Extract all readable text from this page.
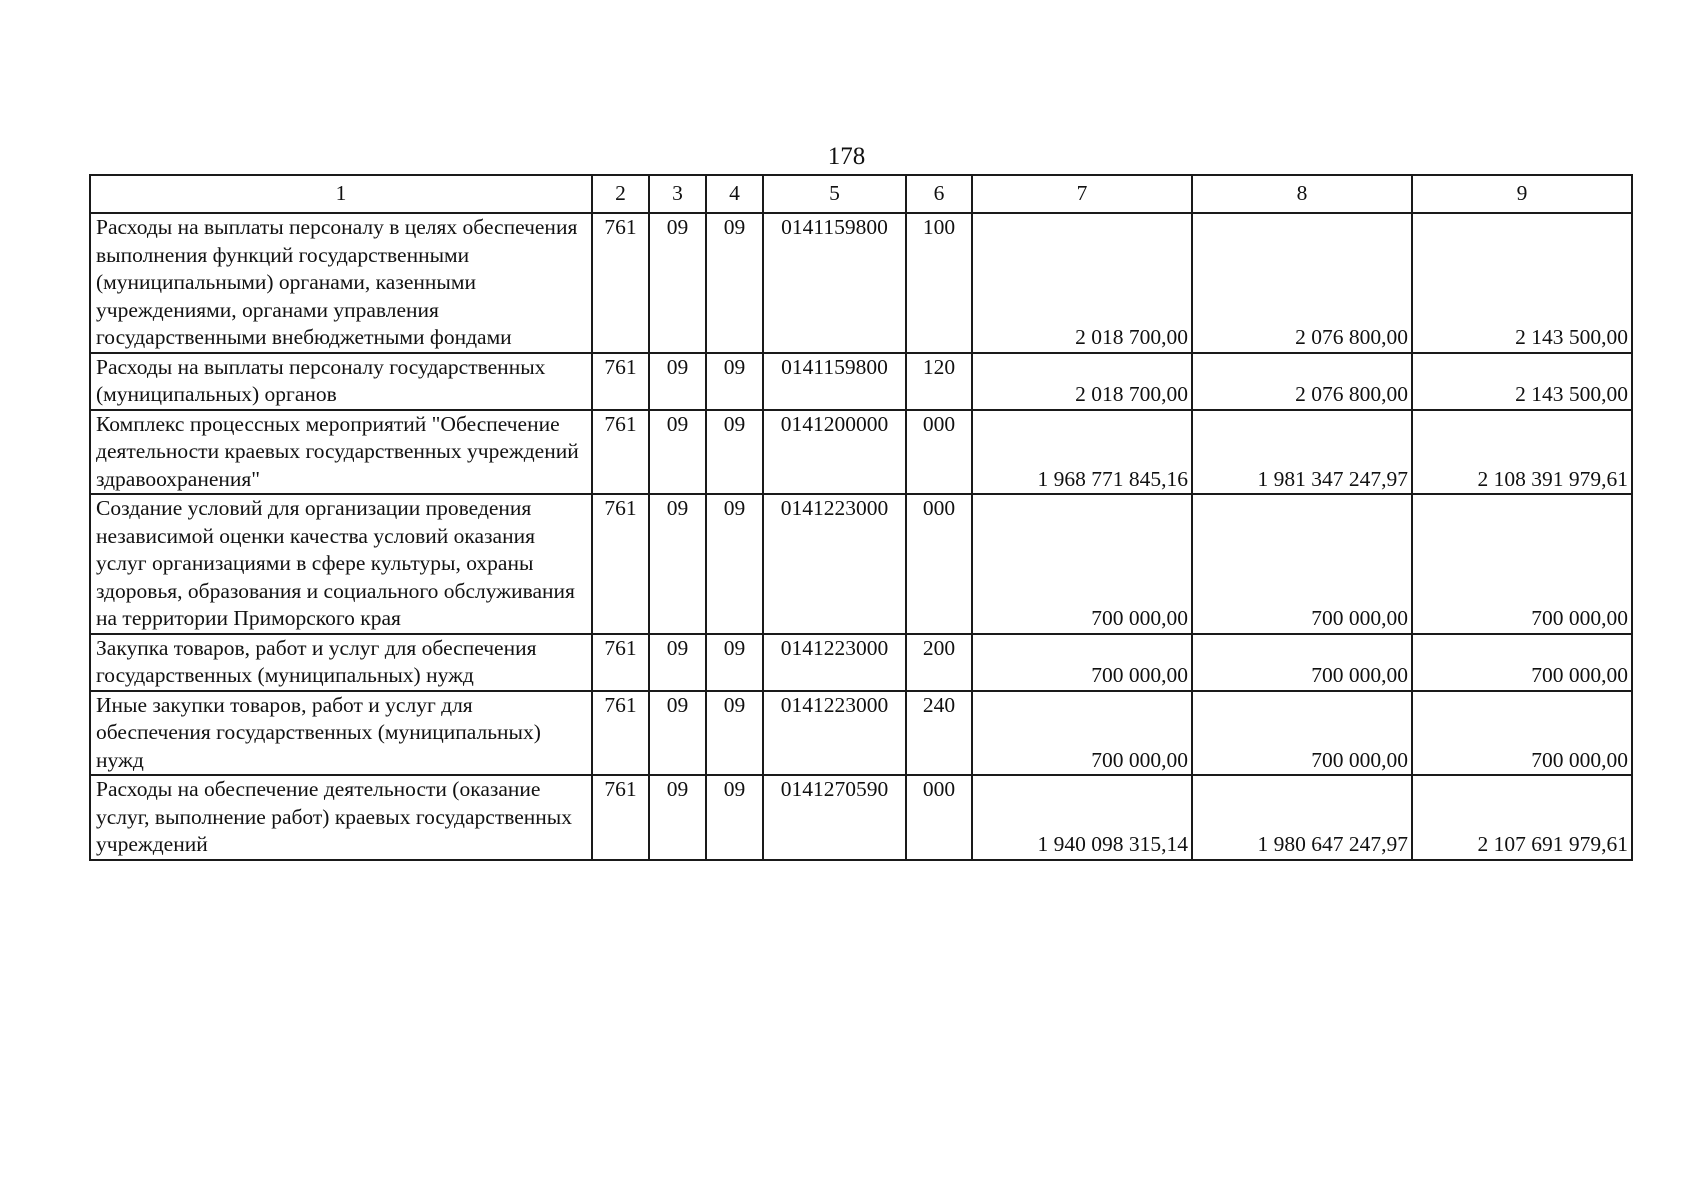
178
1	2	3	4	5	6	7	8	9
Расходы на выплаты персоналу в целях обеспечения выполнения функций государственными (муниципальными) органами, казенными учреждениями, органами управления государственными внебюджетными фондами	761	09	09	0141159800	100	2 018 700,00	2 076 800,00	2 143 500,00
Расходы на выплаты персоналу государственных (муниципальных) органов	761	09	09	0141159800	120	2 018 700,00	2 076 800,00	2 143 500,00
Комплекс процессных мероприятий "Обеспечение деятельности краевых государственных учреждений здравоохранения"	761	09	09	0141200000	000	1 968 771 845,16	1 981 347 247,97	2 108 391 979,61
Создание условий для организации проведения независимой оценки качества условий оказания услуг организациями в сфере культуры, охраны здоровья, образования и социального обслуживания на территории Приморского края	761	09	09	0141223000	000	700 000,00	700 000,00	700 000,00
Закупка товаров, работ и услуг для обеспечения государственных (муниципальных) нужд	761	09	09	0141223000	200	700 000,00	700 000,00	700 000,00
Иные закупки товаров, работ и услуг для обеспечения государственных (муниципальных) нужд	761	09	09	0141223000	240	700 000,00	700 000,00	700 000,00
Расходы на обеспечение деятельности (оказание услуг, выполнение работ) краевых государственных учреждений	761	09	09	0141270590	000	1 940 098 315,14	1 980 647 247,97	2 107 691 979,61
